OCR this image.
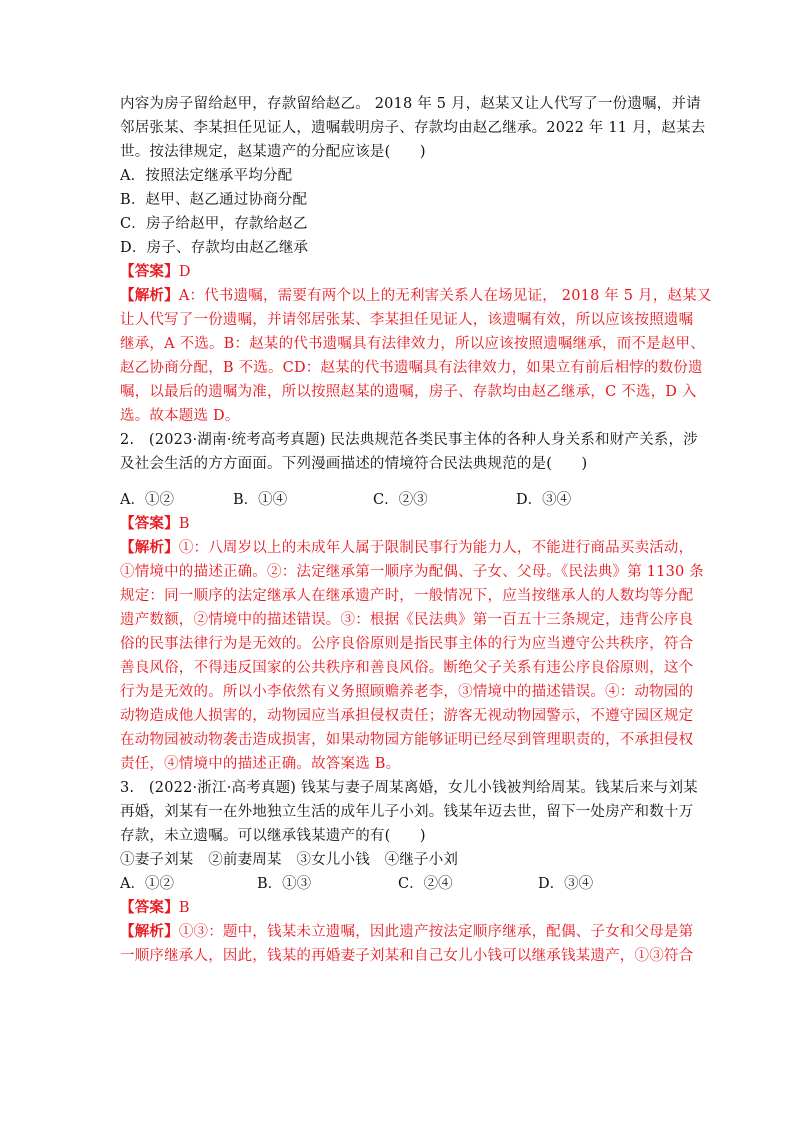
内容为房子留给赵甲，存款留给赵乙。 2018 年 5 月，赵某又让人代写了一份遗嘱，并请
邻居张某、李某担任见证人，遗嘱载明房子、存款均由赵乙继承。2022 年 11 月，赵某去
世。按法律规定，赵某遗产的分配应该是(　　)
A．按照法定继承平均分配
B．赵甲、赵乙通过协商分配
C．房子给赵甲，存款给赵乙
D．房子、存款均由赵乙继承
【答案】D
【解析】A：代书遗嘱，需要有两个以上的无利害关系人在场见证， 2018 年 5 月，赵某又
让人代写了一份遗嘱，并请邻居张某、李某担任见证人，该遗嘱有效，所以应该按照遗嘱
继承，A 不选。B：赵某的代书遗嘱具有法律效力，所以应该按照遗嘱继承，而不是赵甲、
赵乙协商分配，B 不选。CD：赵某的代书遗嘱具有法律效力，如果立有前后相悖的数份遗
嘱，以最后的遗嘱为准，所以按照赵某的遗嘱，房子、存款均由赵乙继承，C 不选，D 入
选。故本题选 D。
2.　(2023·湖南·统考高考真题) 民法典规范各类民事主体的各种人身关系和财产关系，涉
及社会生活的方方面面。下列漫画描述的情境符合民法典规范的是(　　)
A．①②	B．①④	C．②③	D．③④
【答案】B
【解析】①：八周岁以上的未成年人属于限制民事行为能力人，不能进行商品买卖活动，
①情境中的描述正确。②：法定继承第一顺序为配偶、子女、父母。《民法典》第 1130 条
规定：同一顺序的法定继承人在继承遗产时，一般情况下，应当按继承人的人数均等分配
遗产数额，②情境中的描述错误。③：根据《民法典》第一百五十三条规定，违背公序良
俗的民事法律行为是无效的。公序良俗原则是指民事主体的行为应当遵守公共秩序，符合
善良风俗，不得违反国家的公共秩序和善良风俗。断绝父子关系有违公序良俗原则，这个
行为是无效的。所以小李依然有义务照顾赡养老李，③情境中的描述错误。④：动物园的
动物造成他人损害的，动物园应当承担侵权责任；游客无视动物园警示，不遵守园区规定
在动物园被动物袭击造成损害，如果动物园方能够证明已经尽到管理职责的，不承担侵权
责任，④情境中的描述正确。故答案选 B。
3.　(2022·浙江·高考真题) 钱某与妻子周某离婚，女儿小钱被判给周某。钱某后来与刘某
再婚，刘某有一在外地独立生活的成年儿子小刘。钱某年迈去世，留下一处房产和数十万
存款，未立遗嘱。可以继承钱某遗产的有(　　)
①妻子刘某　②前妻周某　③女儿小钱　④继子小刘
A．①②	B．①③	C．②④	D．③④
【答案】B
【解析】①③：题中，钱某未立遗嘱，因此遗产按法定顺序继承，配偶、子女和父母是第
一顺序继承人，因此，钱某的再婚妻子刘某和自己女儿小钱可以继承钱某遗产，①③符合
